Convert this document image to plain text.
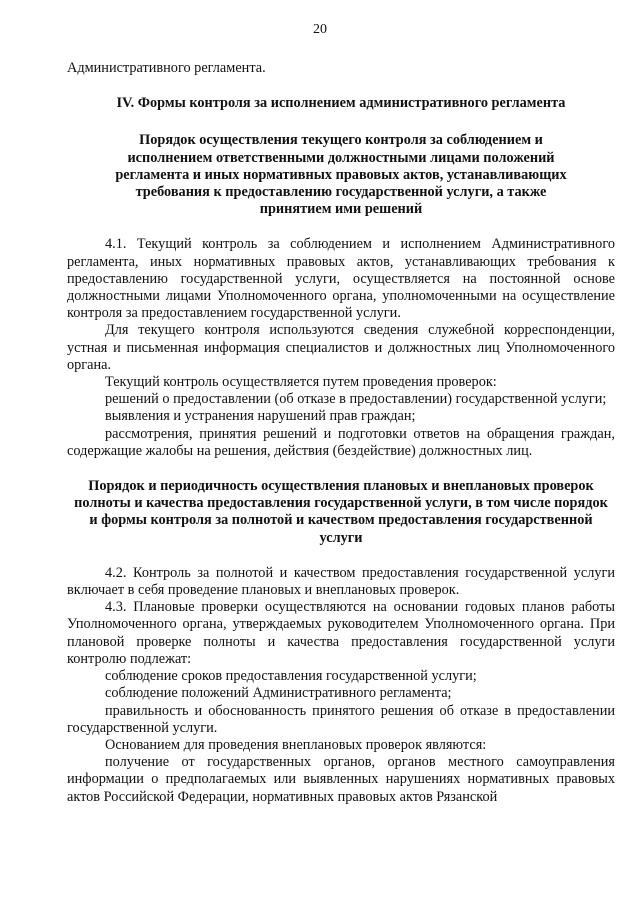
20

Административного регламента.

IV. Формы контроля за исполнением административного регламента

Порядок осуществления текущего контроля за соблюдением и исполнением ответственными должностными лицами положений регламента и иных нормативных правовых актов, устанавливающих требования к предоставлению государственной услуги, а также принятием ими решений

4.1. Текущий контроль за соблюдением и исполнением Административного регламента, иных нормативных правовых актов, устанавливающих требования к предоставлению государственной услуги, осуществляется на постоянной основе должностными лицами Уполномоченного органа, уполномоченными на осуществление контроля за предоставлением государственной услуги.

Для текущего контроля используются сведения служебной корреспонденции, устная и письменная информация специалистов и должностных лиц Уполномоченного органа.

Текущий контроль осуществляется путем проведения проверок:

решений о предоставлении (об отказе в предоставлении) государственной услуги;

выявления и устранения нарушений прав граждан;

рассмотрения, принятия решений и подготовки ответов на обращения граждан, содержащие жалобы на решения, действия (бездействие) должностных лиц.

Порядок и периодичность осуществления плановых и внеплановых проверок полноты и качества предоставления государственной услуги, в том числе порядок и формы контроля за полнотой и качеством предоставления государственной услуги

4.2. Контроль за полнотой и качеством предоставления государственной услуги включает в себя проведение плановых и внеплановых проверок.

4.3. Плановые проверки осуществляются на основании годовых планов работы Уполномоченного органа, утверждаемых руководителем Уполномоченного органа. При плановой проверке полноты и качества предоставления государственной услуги контролю подлежат:

соблюдение сроков предоставления государственной услуги;

соблюдение положений Административного регламента;

правильность и обоснованность принятого решения об отказе в предоставлении государственной услуги.

Основанием для проведения внеплановых проверок являются:

получение от государственных органов, органов местного самоуправления информации о предполагаемых или выявленных нарушениях нормативных правовых актов Российской Федерации, нормативных правовых актов Рязанской
